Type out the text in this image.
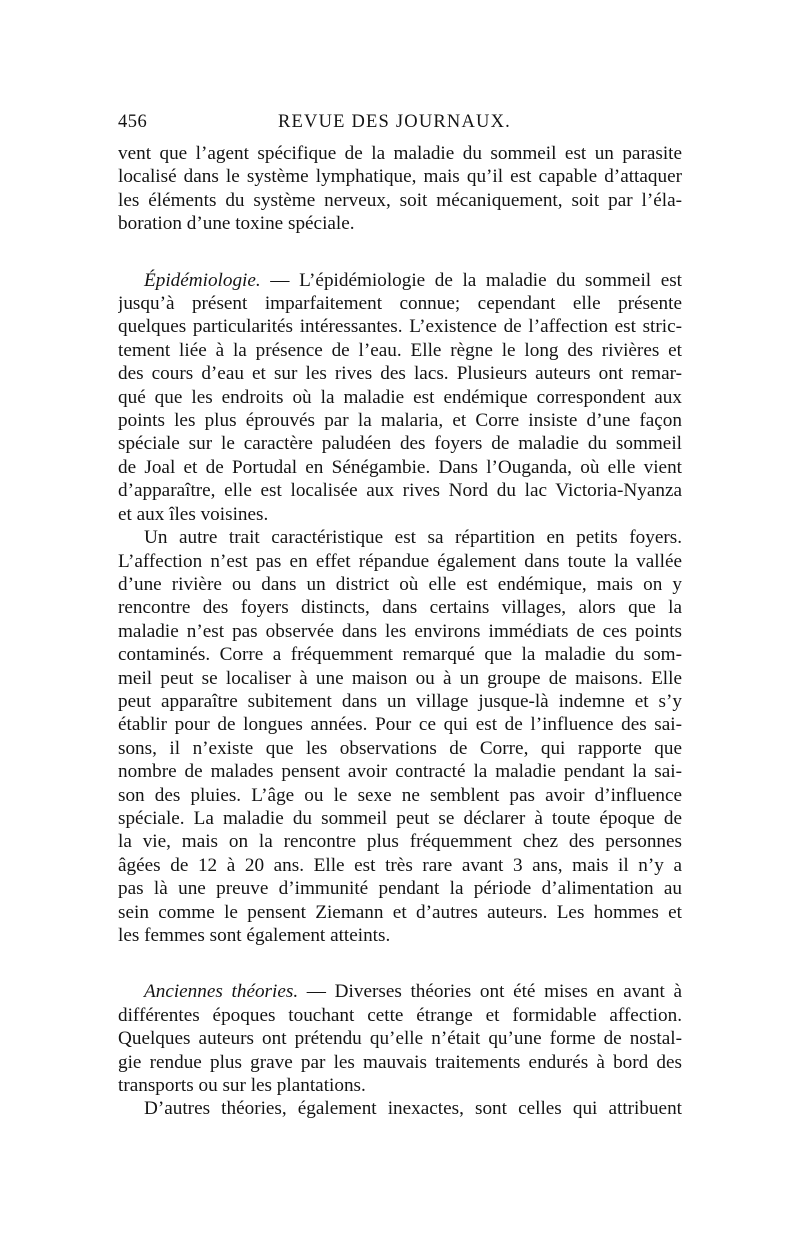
456	REVUE DES JOURNAUX.

vent que l’agent spécifique de la maladie du sommeil est un parasite
localisé dans le système lymphatique, mais qu’il est capable d’attaquer
les éléments du système nerveux, soit mécaniquement, soit par l’éla-
boration d’une toxine spéciale.

Épidémiologie. — L’épidémiologie de la maladie du sommeil est
jusqu’à présent imparfaitement connue; cependant elle présente
quelques particularités intéressantes. L’existence de l’affection est stric-
tement liée à la présence de l’eau. Elle règne le long des rivières et
des cours d’eau et sur les rives des lacs. Plusieurs auteurs ont remar-
qué que les endroits où la maladie est endémique correspondent aux
points les plus éprouvés par la malaria, et Corre insiste d’une façon
spéciale sur le caractère paludéen des foyers de maladie du sommeil
de Joal et de Portudal en Sénégambie. Dans l’Ouganda, où elle vient
d’apparaître, elle est localisée aux rives Nord du lac Victoria-Nyanza
et aux îles voisines.

Un autre trait caractéristique est sa répartition en petits foyers.
L’affection n’est pas en effet répandue également dans toute la vallée
d’une rivière ou dans un district où elle est endémique, mais on y
rencontre des foyers distincts, dans certains villages, alors que la
maladie n’est pas observée dans les environs immédiats de ces points
contaminés. Corre a fréquemment remarqué que la maladie du som-
meil peut se localiser à une maison ou à un groupe de maisons. Elle
peut apparaître subitement dans un village jusque-là indemne et s’y
établir pour de longues années. Pour ce qui est de l’influence des sai-
sons, il n’existe que les observations de Corre, qui rapporte que
nombre de malades pensent avoir contracté la maladie pendant la sai-
son des pluies. L’âge ou le sexe ne semblent pas avoir d’influence
spéciale. La maladie du sommeil peut se déclarer à toute époque de
la vie, mais on la rencontre plus fréquemment chez des personnes
âgées de 12 à 20 ans. Elle est très rare avant 3 ans, mais il n’y a
pas là une preuve d’immunité pendant la période d’alimentation au
sein comme le pensent Ziemann et d’autres auteurs. Les hommes et
les femmes sont également atteints.

Anciennes théories. — Diverses théories ont été mises en avant à
différentes époques touchant cette étrange et formidable affection.
Quelques auteurs ont prétendu qu’elle n’était qu’une forme de nostal-
gie rendue plus grave par les mauvais traitements endurés à bord des
transports ou sur les plantations.

D’autres théories, également inexactes, sont celles qui attribuent
